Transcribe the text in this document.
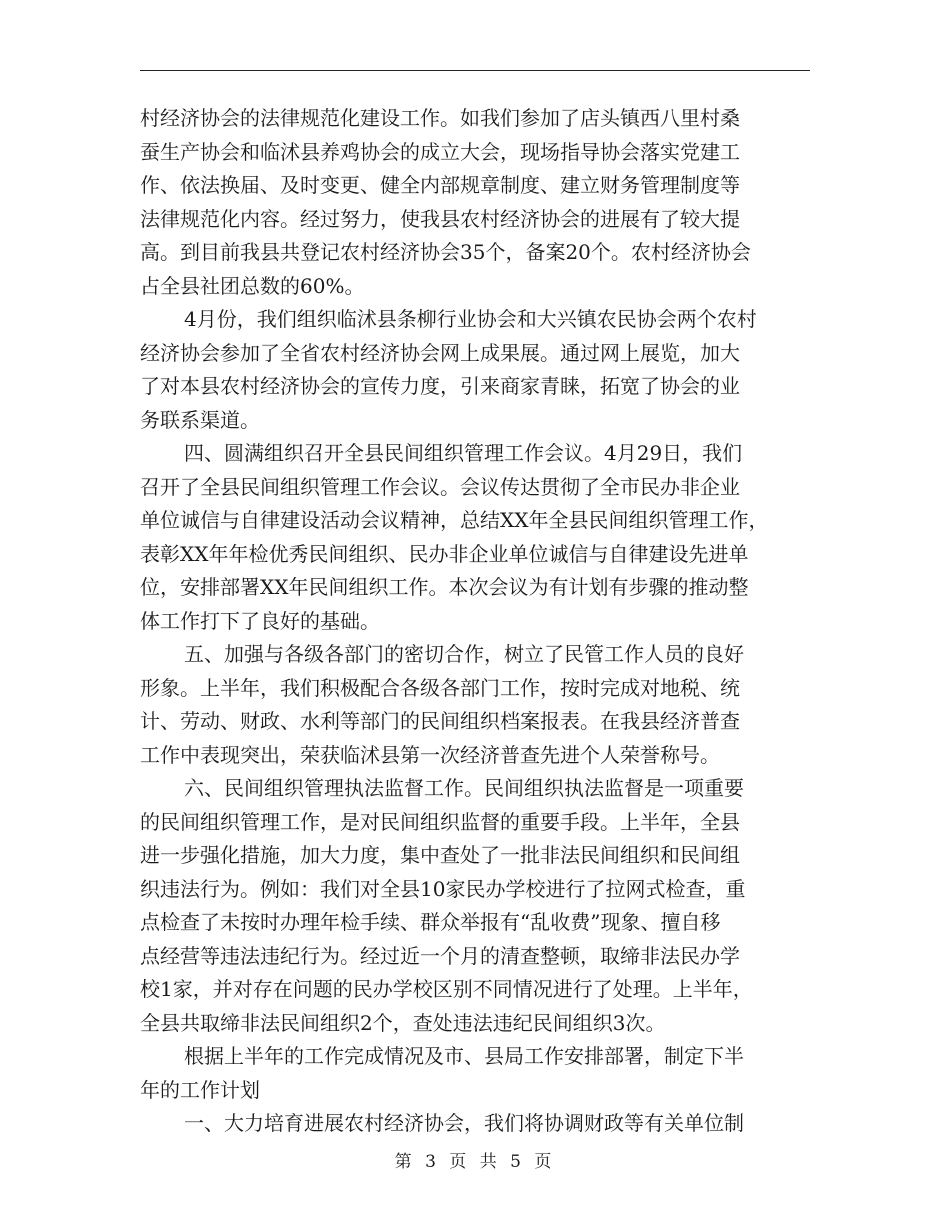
村经济协会的法律规范化建设工作。如我们参加了店头镇西八里村桑
蚕生产协会和临沭县养鸡协会的成立大会，现场指导协会落实党建工
作、依法换届、及时变更、健全内部规章制度、建立财务管理制度等
法律规范化内容。经过努力，使我县农村经济协会的进展有了较大提
高。到目前我县共登记农村经济协会35个，备案20个。农村经济协会
占全县社团总数的60%。
4月份，我们组织临沭县条柳行业协会和大兴镇农民协会两个农村
经济协会参加了全省农村经济协会网上成果展。通过网上展览，加大
了对本县农村经济协会的宣传力度，引来商家青睐，拓宽了协会的业
务联系渠道。
四、圆满组织召开全县民间组织管理工作会议。4月29日，我们
召开了全县民间组织管理工作会议。会议传达贯彻了全市民办非企业
单位诚信与自律建设活动会议精神，总结XX年全县民间组织管理工作，
表彰XX年年检优秀民间组织、民办非企业单位诚信与自律建设先进单
位，安排部署XX年民间组织工作。本次会议为有计划有步骤的推动整
体工作打下了良好的基础。
五、加强与各级各部门的密切合作，树立了民管工作人员的良好
形象。上半年，我们积极配合各级各部门工作，按时完成对地税、统
计、劳动、财政、水利等部门的民间组织档案报表。在我县经济普查
工作中表现突出，荣获临沭县第一次经济普查先进个人荣誉称号。
六、民间组织管理执法监督工作。民间组织执法监督是一项重要
的民间组织管理工作，是对民间组织监督的重要手段。上半年，全县
进一步强化措施，加大力度，集中查处了一批非法民间组织和民间组
织违法行为。例如：我们对全县10家民办学校进行了拉网式检查，重
点检查了未按时办理年检手续、群众举报有“乱收费”现象、擅自移
点经营等违法违纪行为。经过近一个月的清查整顿，取缔非法民办学
校1家，并对存在问题的民办学校区别不同情况进行了处理。上半年，
全县共取缔非法民间组织2个，查处违法违纪民间组织3次。
根据上半年的工作完成情况及市、县局工作安排部署，制定下半
年的工作计划
一、大力培育进展农村经济协会，我们将协调财政等有关单位制
第 3 页 共 5 页
